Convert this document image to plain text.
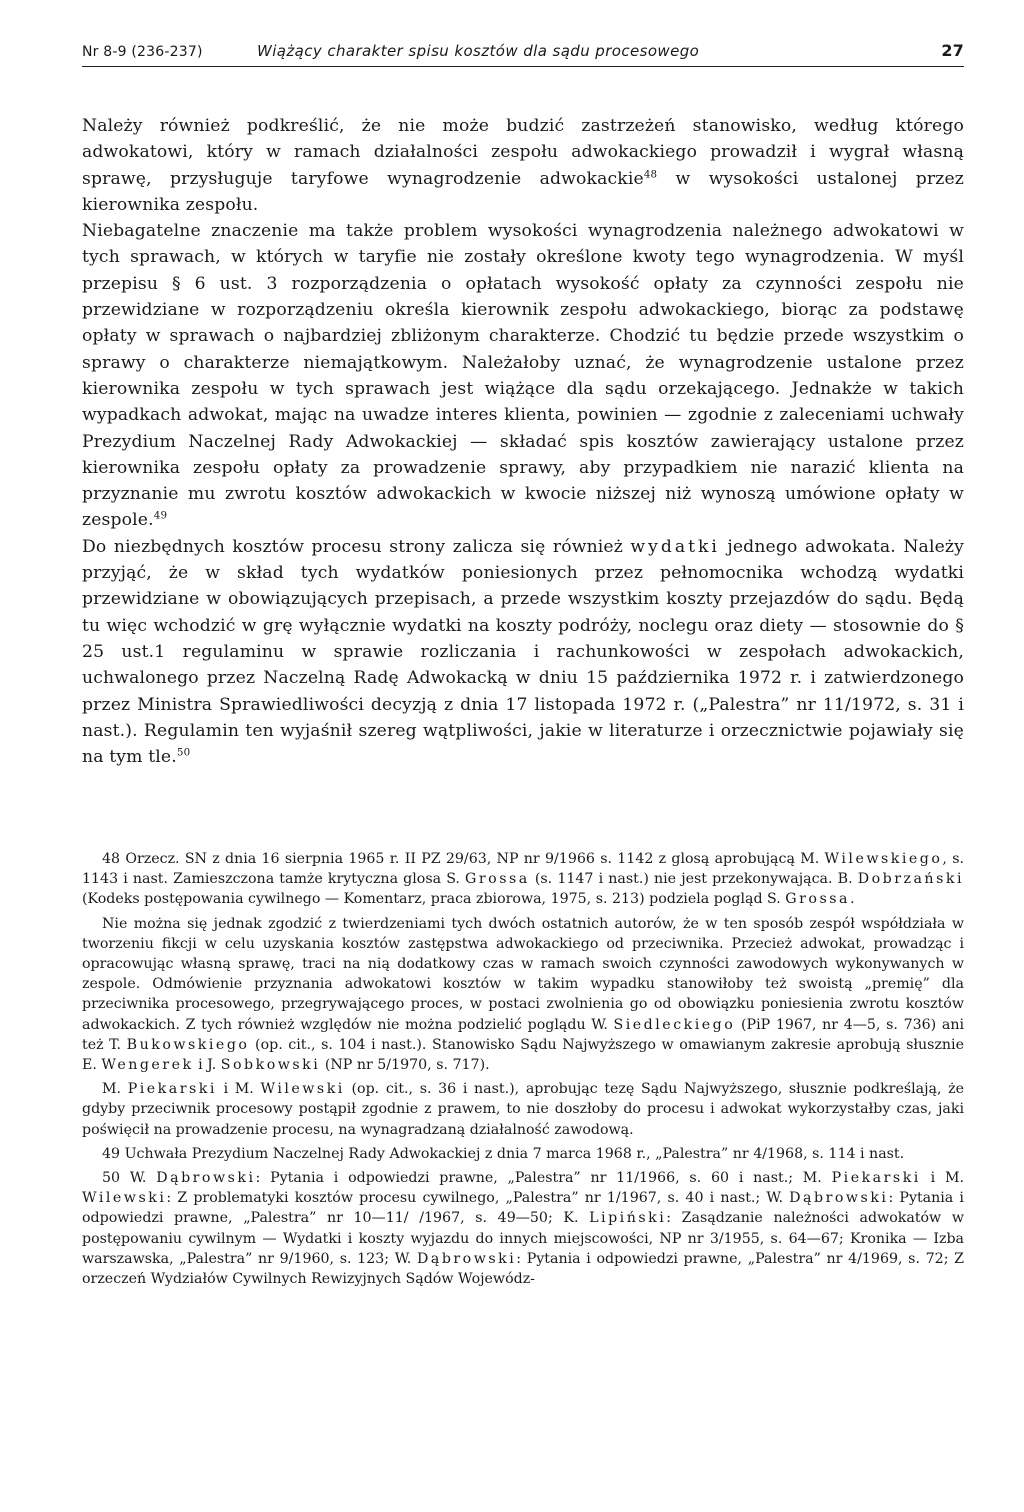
Nr 8-9 (236-237)	Wiążący charakter spisu kosztów dla sądu procesowego	27

Należy również podkreślić, że nie może budzić zastrzeżeń stanowisko, według którego adwokatowi, który w ramach działalności zespołu adwokackiego prowadził i wygrał własną sprawę, przysługuje taryfowe wynagrodzenie adwokackie$^{48}$ w wysokości ustalonej przez kierownika zespołu.

Niebagatelne znaczenie ma także problem wysokości wynagrodzenia należnego adwokatowi w tych sprawach, w których w taryfie nie zostały określone kwoty tego wynagrodzenia. W myśl przepisu § 6 ust. 3 rozporządzenia o opłatach wysokość opłaty za czynności zespołu nie przewidziane w rozporządzeniu określa kierownik zespołu adwokackiego, biorąc za podstawę opłaty w sprawach o najbardziej zbliżonym charakterze. Chodzić tu będzie przede wszystkim o sprawy o charakterze niemajątkowym. Należałoby uznać, że wynagrodzenie ustalone przez kierownika zespołu w tych sprawach jest wiążące dla sądu orzekającego. Jednakże w takich wypadkach adwokat, mając na uwadze interes klienta, powinien — zgodnie z zaleceniami uchwały Prezydium Naczelnej Rady Adwokackiej — składać spis kosztów zawierający ustalone przez kierownika zespołu opłaty za prowadzenie sprawy, aby przypadkiem nie narazić klienta na przyznanie mu zwrotu kosztów adwokackich w kwocie niższej niż wynoszą umówione opłaty w zespole.$^{49}$

Do niezbędnych kosztów procesu strony zalicza się również wydatki jednego adwokata. Należy przyjąć, że w skład tych wydatków poniesionych przez pełnomocnika wchodzą wydatki przewidziane w obowiązujących przepisach, a przede wszystkim koszty przejazdów do sądu. Będą tu więc wchodzić w grę wyłącznie wydatki na koszty podróży, noclegu oraz diety — stosownie do § 25 ust.1 regulaminu w sprawie rozliczania i rachunkowości w zespołach adwokackich, uchwalonego przez Naczelną Radę Adwokacką w dniu 15 października 1972 r. i zatwierdzonego przez Ministra Sprawiedliwości decyzją z dnia 17 listopada 1972 r. („Palestra” nr 11/1972, s. 31 i nast.). Regulamin ten wyjaśnił szereg wątpliwości, jakie w literaturze i orzecznictwie pojawiały się na tym tle.$^{50}$

48 Orzecz. SN z dnia 16 sierpnia 1965 r. II PZ 29/63, NP nr 9/1966 s. 1142 z glosą aprobującą M. Wilewskiego, s. 1143 i nast. Zamieszczona tamże krytyczna glosa S. Grossa (s. 1147 i nast.) nie jest przekonywająca. B. Dobrzański (Kodeks postępowania cywilnego — Komentarz, praca zbiorowa, 1975, s. 213) podziela pogląd S. Grossa.

Nie można się jednak zgodzić z twierdzeniami tych dwóch ostatnich autorów, że w ten sposób zespół współdziała w tworzeniu fikcji w celu uzyskania kosztów zastępstwa adwokackiego od przeciwnika. Przecież adwokat, prowadząc i opracowując własną sprawę, traci na nią dodatkowy czas w ramach swoich czynności zawodowych wykonywanych w zespole. Odmówienie przyznania adwokatowi kosztów w takim wypadku stanowiłoby też swoistą „premię” dla przeciwnika procesowego, przegrywającego proces, w postaci zwolnienia go od obowiązku poniesienia zwrotu kosztów adwokackich. Z tych również względów nie można podzielić poglądu W. Siedleckiego (PiP 1967, nr 4—5, s. 736) ani też T. Bukowskiego (op. cit., s. 104 i nast.). Stanowisko Sądu Najwyższego w omawianym zakresie aprobują słusznie E. Wengerek i J. Sobkowski (NP nr 5/1970, s. 717).

M. Piekarski i M. Wilewski (op. cit., s. 36 i nast.), aprobując tezę Sądu Najwyższego, słusznie podkreślają, że gdyby przeciwnik procesowy postąpił zgodnie z prawem, to nie doszłoby do procesu i adwokat wykorzystałby czas, jaki poświęcił na prowadzenie procesu, na wynagradzaną działalność zawodową.

49 Uchwała Prezydium Naczelnej Rady Adwokackiej z dnia 7 marca 1968 r., „Palestra” nr 4/1968, s. 114 i nast.

50 W. Dąbrowski: Pytania i odpowiedzi prawne, „Palestra” nr 11/1966, s. 60 i nast.; M. Piekarski i M. Wilewski: Z problematyki kosztów procesu cywilnego, „Palestra” nr 1/1967, s. 40 i nast.; W. Dąbrowski: Pytania i odpowiedzi prawne, „Palestra” nr 10—11/ /1967, s. 49—50; K. Lipiński: Zasądzanie należności adwokatów w postępowaniu cywilnym — Wydatki i koszty wyjazdu do innych miejscowości, NP nr 3/1955, s. 64—67; Kronika — Izba warszawska, „Palestra” nr 9/1960, s. 123; W. Dąbrowski: Pytania i odpowiedzi prawne, „Palestra” nr 4/1969, s. 72; Z orzeczeń Wydziałów Cywilnych Rewizyjnych Sądów Wojewódz-
